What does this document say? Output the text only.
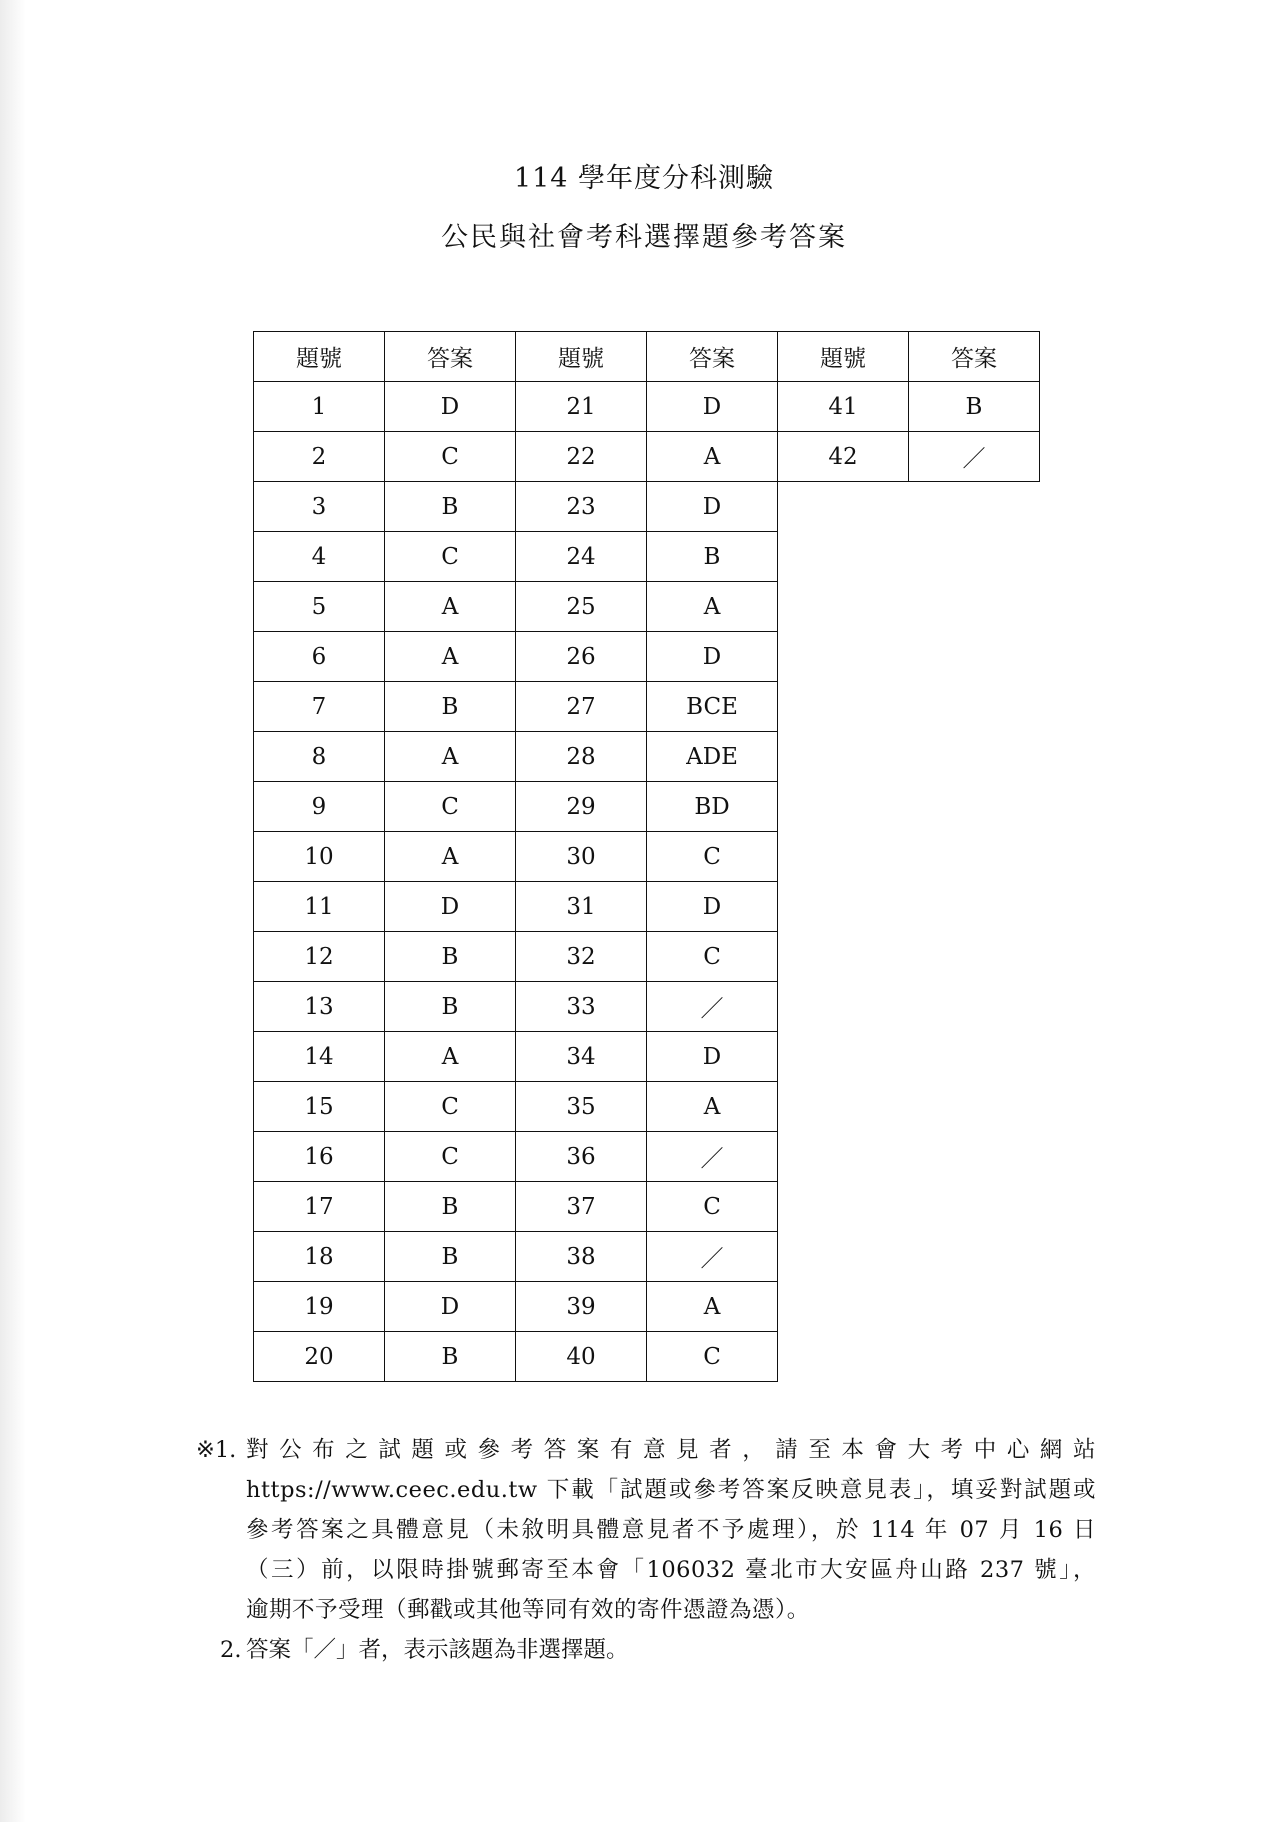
114 學年度分科測驗
公民與社會考科選擇題參考答案
題號	答案	題號	答案	題號	答案
1	D	21	D	41	B
2	C	22	A	42	／
3	B	23	D		
4	C	24	B		
5	A	25	A		
6	A	26	D		
7	B	27	BCE		
8	A	28	ADE		
9	C	29	BD		
10	A	30	C		
11	D	31	D		
12	B	32	C		
13	B	33	／		
14	A	34	D		
15	C	35	A		
16	C	36	／		
17	B	37	C		
18	B	38	／		
19	D	39	A		
20	B	40	C		
※1. 對公布之試題或參考答案有意見者，請至本會大考中心網站
https://www.ceec.edu.tw 下載「試題或參考答案反映意見表」，填妥對試題或
參考答案之具體意見（未敘明具體意見者不予處理），於 114 年 07 月 16 日
（三）前，以限時掛號郵寄至本會「106032 臺北市大安區舟山路 237 號」，
逾期不予受理（郵戳或其他等同有效的寄件憑證為憑）。
2. 答案「／」者，表示該題為非選擇題。
